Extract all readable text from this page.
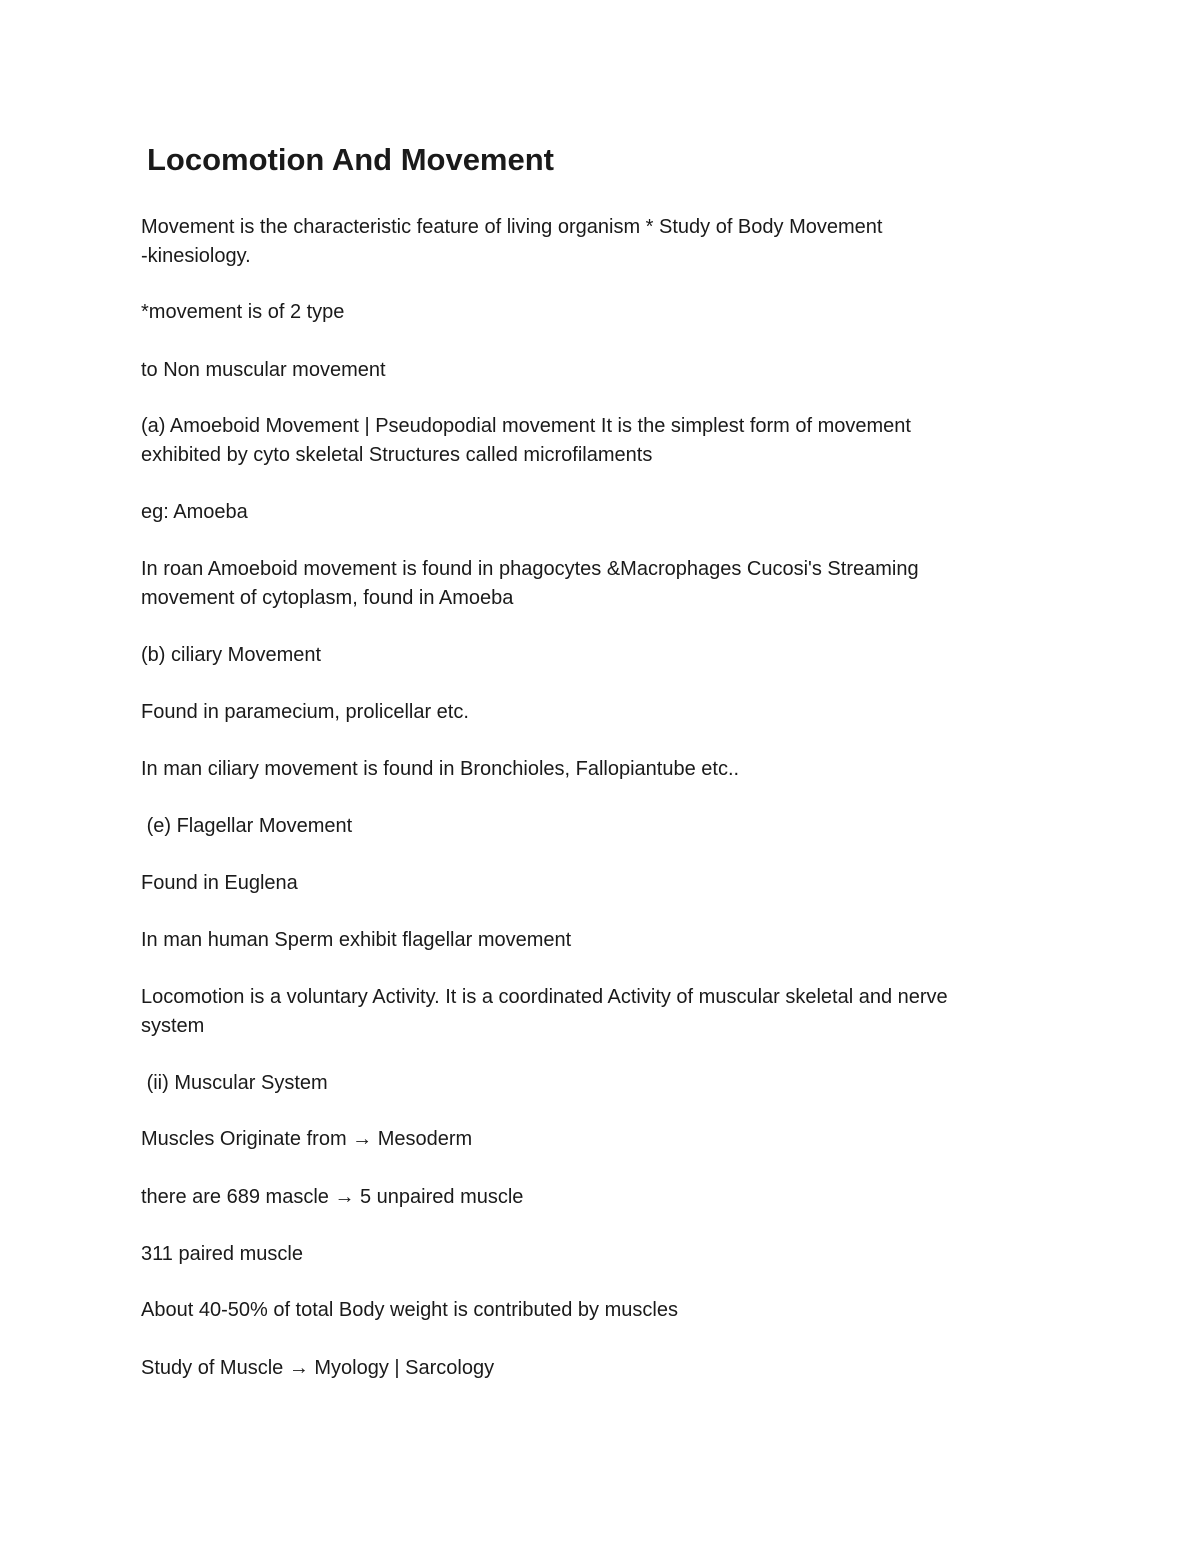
Locomotion And Movement

Movement is the characteristic feature of living organism * Study of Body Movement
-kinesiology.

*movement is of 2 type

to Non muscular movement

(a) Amoeboid Movement | Pseudopodial movement It is the simplest form of movement
exhibited by cyto skeletal Structures called microfilaments

eg: Amoeba

In roan Amoeboid movement is found in phagocytes &Macrophages Cucosi's Streaming
movement of cytoplasm, found in Amoeba

(b) ciliary Movement

Found in paramecium, prolicellar etc.

In man ciliary movement is found in Bronchioles, Fallopiantube etc..

(e) Flagellar Movement

Found in Euglena

In man human Sperm exhibit flagellar movement

Locomotion is a voluntary Activity. It is a coordinated Activity of muscular skeletal and nerve
system

(ii) Muscular System

Muscles Originate from → Mesoderm

there are 689 mascle → 5 unpaired muscle

311 paired muscle

About 40-50% of total Body weight is contributed by muscles

Study of Muscle → Myology | Sarcology
